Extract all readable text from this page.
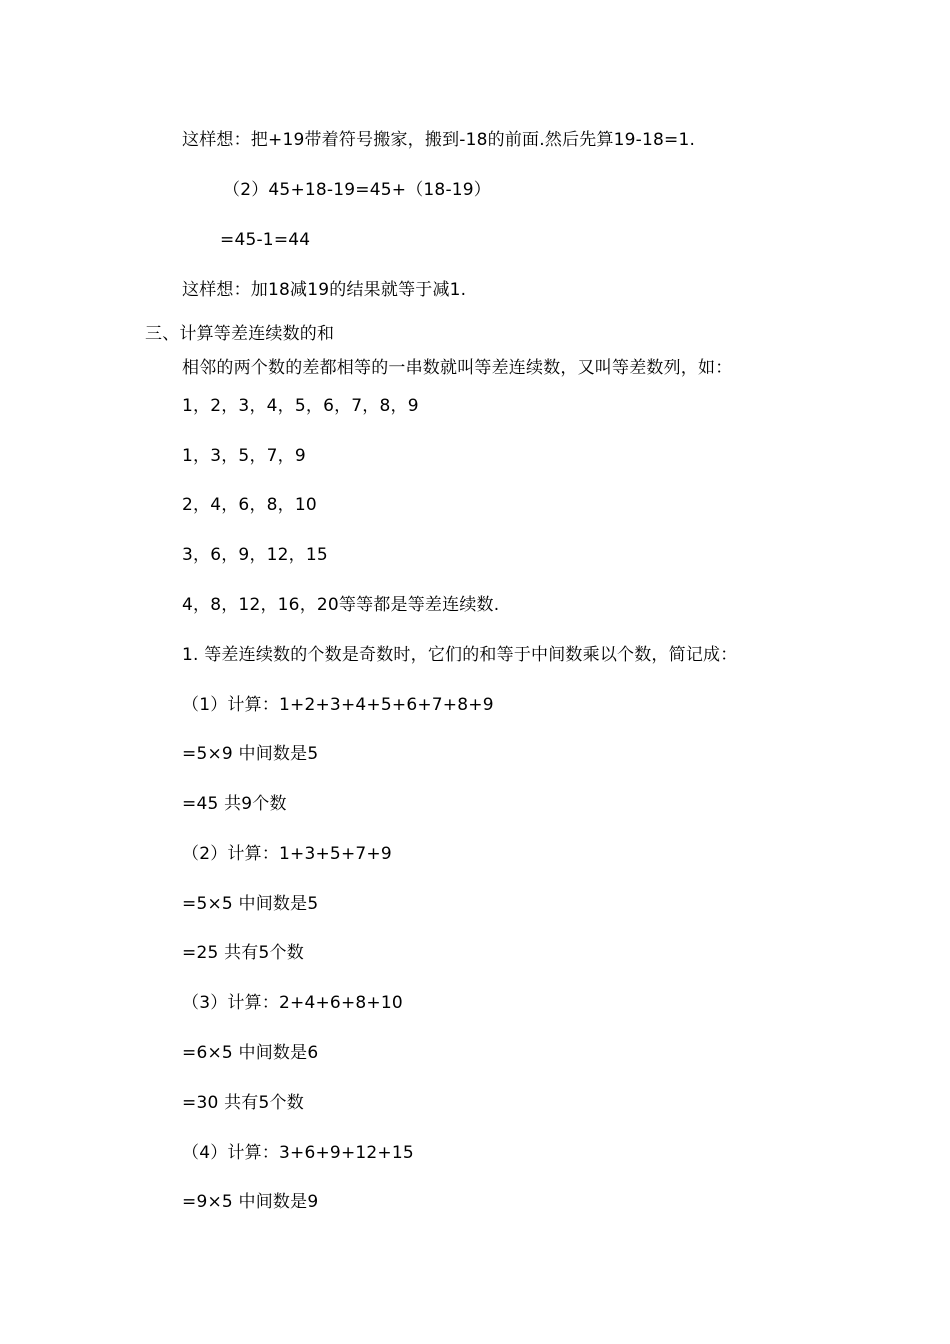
这样想：把+19带着符号搬家，搬到-18的前面.然后先算19-18=1.
（2）45+18-19=45+（18-19）
=45-1=44
这样想：加18减19的结果就等于减1.
三、计算等差连续数的和
相邻的两个数的差都相等的一串数就叫等差连续数，又叫等差数列，如：
1，2，3，4，5，6，7，8，9
1，3，5，7，9
2，4，6，8，10
3，6，9，12，15
4，8，12，16，20等等都是等差连续数.
1. 等差连续数的个数是奇数时，它们的和等于中间数乘以个数，简记成：
（1）计算：1+2+3+4+5+6+7+8+9
=5×9 中间数是5
=45 共9个数
（2）计算：1+3+5+7+9
=5×5 中间数是5
=25 共有5个数
（3）计算：2+4+6+8+10
=6×5 中间数是6
=30 共有5个数
（4）计算：3+6+9+12+15
=9×5 中间数是9
